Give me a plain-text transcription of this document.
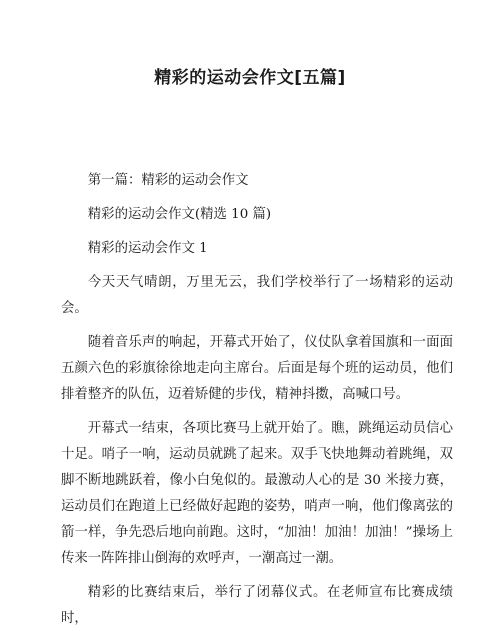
精彩的运动会作文[五篇]

第一篇：精彩的运动会作文

精彩的运动会作文(精选 10 篇)

精彩的运动会作文 1

今天天气晴朗，万里无云，我们学校举行了一场精彩的运动会。

随着音乐声的响起，开幕式开始了，仪仗队拿着国旗和一面面五颜六色的彩旗徐徐地走向主席台。后面是每个班的运动员，他们排着整齐的队伍，迈着矫健的步伐，精神抖擞，高喊口号。

开幕式一结束，各项比赛马上就开始了。瞧，跳绳运动员信心十足。哨子一响，运动员就跳了起来。双手飞快地舞动着跳绳，双脚不断地跳跃着，像小白兔似的。最激动人心的是 30 米接力赛，运动员们在跑道上已经做好起跑的姿势，哨声一响，他们像离弦的箭一样，争先恐后地向前跑。这时，“加油！加油！加油！”操场上传来一阵阵排山倒海的欢呼声，一潮高过一潮。

精彩的比赛结束后，举行了闭幕仪式。在老师宣布比赛成绩时，
